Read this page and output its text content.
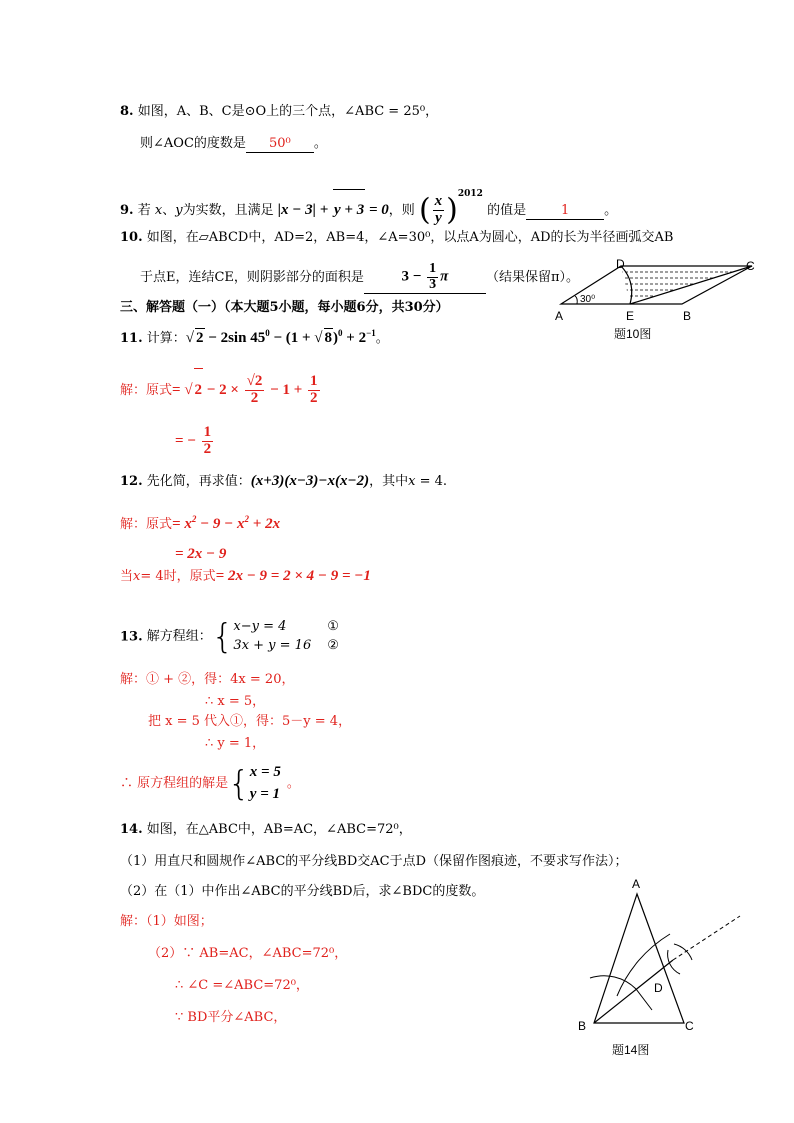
8. 如图，A、B、C是⊙O上的三个点，∠ABC = 25⁰，
则∠AOC的度数是 50⁰ 。
9. 若 x、y为实数，且满足 |x − 3| + y + 3 = 0，则 ( $\frac{x}{y} )^{2012}$ 的值是	1	。
10. 如图，在▱ABCD中，AD=2，AB=4，∠A=30⁰，以点A为圆心，AD的长为半径画弧交AB
于点E，连结CE，则阴影部分的面积是	$3 - \frac{1}{3}$ π	（结果保留π）。
30⁰
A	E	B
D	C
题10图
三、解答题（一）（本大题5小题，每小题6分，共30分）
11. 计算：√ 2 − 2sin $45^0 - (1$ + √ $8)^0 + 2^{-1}$。
解：原式= √ $2 - 2 \times \frac{√2}{2} - 1 + \frac{1}{2}$
= − $\frac{1}{2}$
12. 先化简，再求值：(x+3)(x−3)−x(x−2)，其中x = 4.
解：原式= $x^2 - 9 - x^2 + 2x$
= 2x − 9
当x= 4时，原式= 2x − 9 = 2 × 4 − 9 = −1
13. 解方程组：{ x−y = 4
3x + y = 16
①
②
解：① + ②，得：4x = 20，
∴ x = 5，
把 x = 5 代入①，得：5－y = 4，
∴ y = 1，
∴ 原方程组的解是{ x = 5
y = 1
。
14. 如图，在△ABC中，AB=AC，∠ABC=72⁰，
（1）用直尺和圆规作∠ABC的平分线BD交AC于点D（保留作图痕迹，不要求写作法）；
（2）在（1）中作出∠ABC的平分线BD后，求∠BDC的度数。
解：（1）如图；
（2）∵ AB=AC，∠ABC=72⁰，
∴ ∠C =∠ABC=72⁰，
∵ BD平分∠ABC，
A
B	C
D
题14图
